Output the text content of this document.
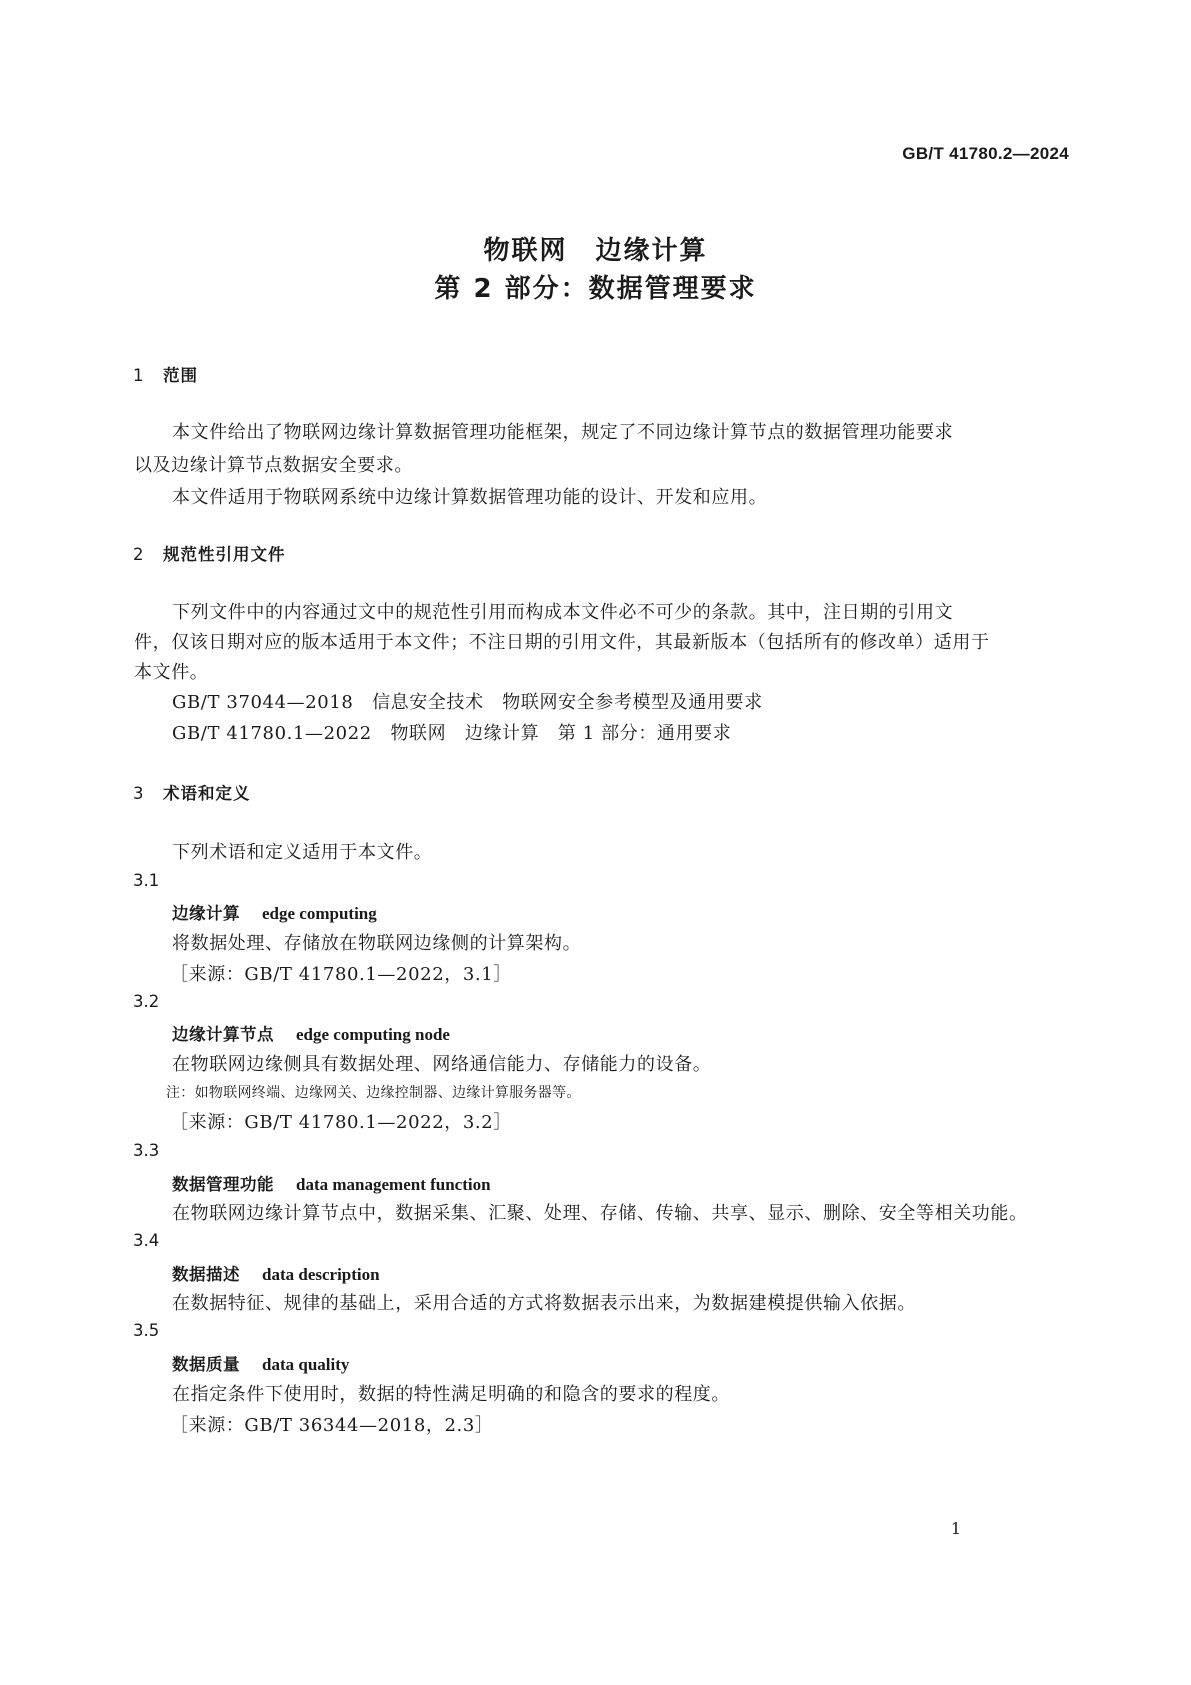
GB/T 41780.2—2024
物联网　边缘计算
第 2 部分：数据管理要求
1 范围
本文件给出了物联网边缘计算数据管理功能框架，规定了不同边缘计算节点的数据管理功能要求
以及边缘计算节点数据安全要求。
本文件适用于物联网系统中边缘计算数据管理功能的设计、开发和应用。
2 规范性引用文件
下列文件中的内容通过文中的规范性引用而构成本文件必不可少的条款。其中，注日期的引用文
件，仅该日期对应的版本适用于本文件；不注日期的引用文件，其最新版本（包括所有的修改单）适用于
本文件。
GB/T 37044—2018　信息安全技术　物联网安全参考模型及通用要求
GB/T 41780.1—2022　物联网　边缘计算　第 1 部分：通用要求
3 术语和定义
下列术语和定义适用于本文件。
3.1
边缘计算 edge computing
将数据处理、存储放在物联网边缘侧的计算架构。
［来源：GB/T 41780.1—2022，3.1］
3.2
边缘计算节点 edge computing node
在物联网边缘侧具有数据处理、网络通信能力、存储能力的设备。
注：如物联网终端、边缘网关、边缘控制器、边缘计算服务器等。
［来源：GB/T 41780.1—2022，3.2］
3.3
数据管理功能 data management function
在物联网边缘计算节点中，数据采集、汇聚、处理、存储、传输、共享、显示、删除、安全等相关功能。
3.4
数据描述 data description
在数据特征、规律的基础上，采用合适的方式将数据表示出来，为数据建模提供输入依据。
3.5
数据质量 data quality
在指定条件下使用时，数据的特性满足明确的和隐含的要求的程度。
［来源：GB/T 36344—2018，2.3］
1
